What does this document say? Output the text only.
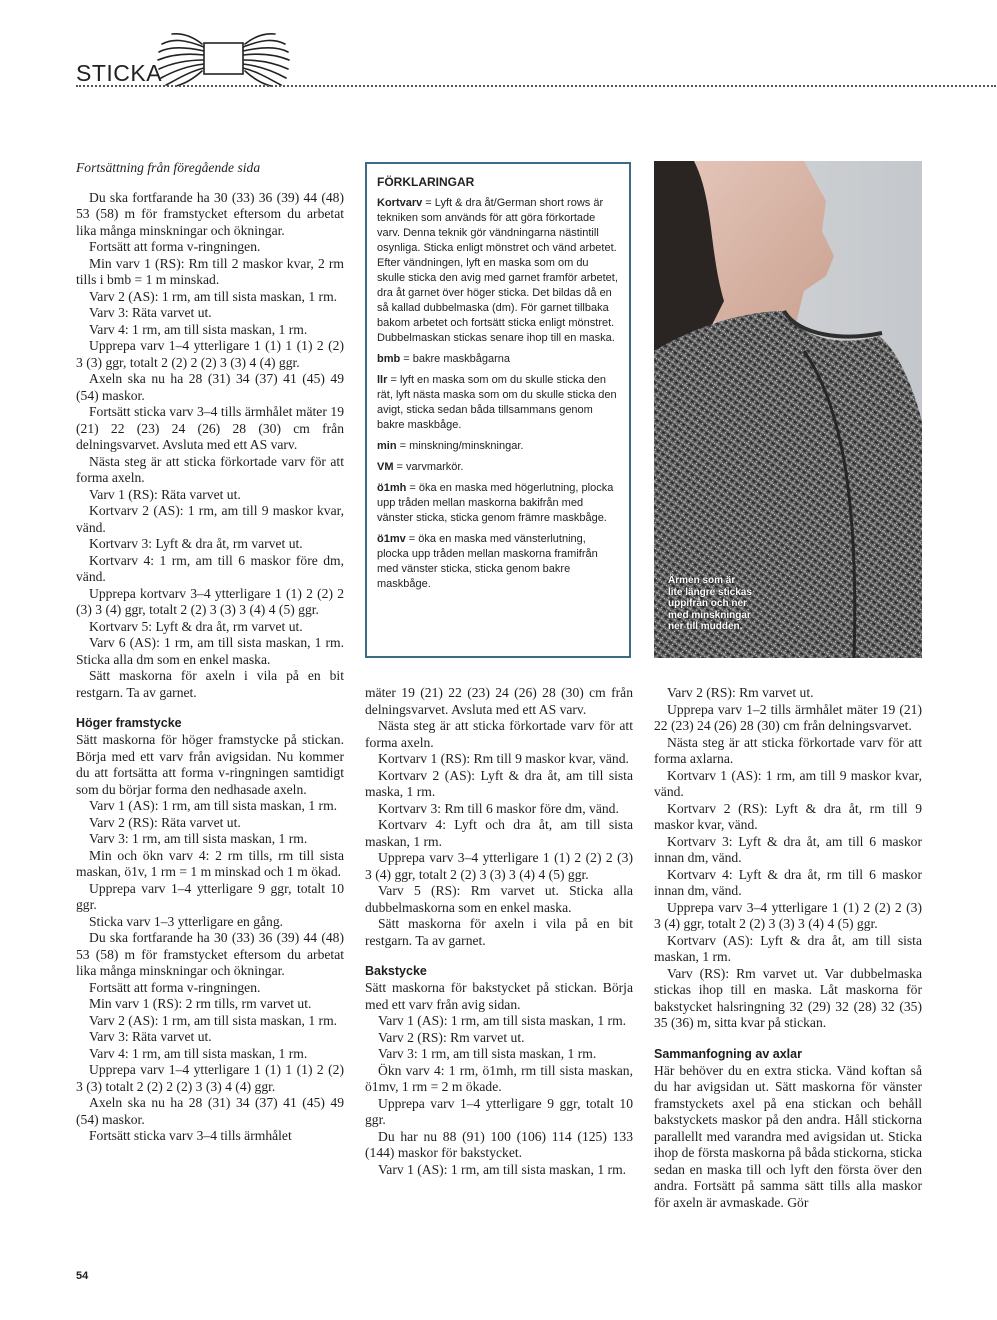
STICKA

Fortsättning från föregående sida

Du ska fortfarande ha 30 (33) 36 (39) 44 (48) 53 (58) m för framstycket eftersom du arbetat lika många minskningar och ökningar.

Fortsätt att forma v-ringningen.

Min varv 1 (RS): Rm till 2 maskor kvar, 2 rm tills i bmb = 1 m minskad.

Varv 2 (AS): 1 rm, am till sista maskan, 1 rm.

Varv 3: Räta varvet ut.

Varv 4: 1 rm, am till sista maskan, 1 rm.

Upprepa varv 1–4 ytterligare 1 (1) 1 (1) 2 (2) 3 (3) ggr, totalt 2 (2) 2 (2) 3 (3) 4 (4) ggr.

Axeln ska nu ha 28 (31) 34 (37) 41 (45) 49 (54) maskor.

Fortsätt sticka varv 3–4 tills ärmhålet mäter 19 (21) 22 (23) 24 (26) 28 (30) cm från delningsvarvet. Avsluta med ett AS varv.

Nästa steg är att sticka förkortade varv för att forma axeln.

Varv 1 (RS): Räta varvet ut.

Kortvarv 2 (AS): 1 rm, am till 9 maskor kvar, vänd.

Kortvarv 3: Lyft & dra åt, rm varvet ut.

Kortvarv 4: 1 rm, am till 6 maskor före dm, vänd.

Upprepa kortvarv 3–4 ytterligare 1 (1) 2 (2) 2 (3) 3 (4) ggr, totalt 2 (2) 3 (3) 3 (4) 4 (5) ggr.

Kortvarv 5: Lyft & dra åt, rm varvet ut.

Varv 6 (AS): 1 rm, am till sista maskan, 1 rm. Sticka alla dm som en enkel maska.

Sätt maskorna för axeln i vila på en bit restgarn. Ta av garnet.

Höger framstycke

Sätt maskorna för höger framstycke på stickan. Börja med ett varv från avigsidan. Nu kommer du att fortsätta att forma v-ringningen samtidigt som du börjar forma den nedhasade axeln.

Varv 1 (AS): 1 rm, am till sista maskan, 1 rm.

Varv 2 (RS): Räta varvet ut.

Varv 3: 1 rm, am till sista maskan, 1 rm.

Min och ökn varv 4: 2 rm tills, rm till sista maskan, ö1v, 1 rm = 1 m minskad och 1 m ökad.

Upprepa varv 1–4 ytterligare 9 ggr, totalt 10 ggr.

Sticka varv 1–3 ytterligare en gång.

Du ska fortfarande ha 30 (33) 36 (39) 44 (48) 53 (58) m för framstycket eftersom du arbetat lika många minskningar och ökningar.

Fortsätt att forma v-ringningen.

Min varv 1 (RS): 2 rm tills, rm varvet ut.

Varv 2 (AS): 1 rm, am till sista maskan, 1 rm.

Varv 3: Räta varvet ut.

Varv 4: 1 rm, am till sista maskan, 1 rm.

Upprepa varv 1–4 ytterligare 1 (1) 1 (1) 2 (2) 3 (3) totalt 2 (2) 2 (2) 3 (3) 4 (4) ggr.

Axeln ska nu ha 28 (31) 34 (37) 41 (45) 49 (54) maskor.

Fortsätt sticka varv 3–4 tills ärmhålet

FÖRKLARINGAR

Kortvarv = Lyft & dra åt/German short rows är tekniken som används för att göra förkortade varv. Denna teknik gör vändningarna nästintill osynliga. Sticka enligt mönstret och vänd arbetet. Efter vändningen, lyft en maska som om du skulle sticka den avig med garnet framför arbetet, dra åt garnet över höger sticka. Det bildas då en så kallad dubbelmaska (dm). För garnet tillbaka bakom arbetet och fortsätt sticka enligt mönstret. Dubbelmaskan stickas senare ihop till en maska.

bmb = bakre maskbågarna

llr = lyft en maska som om du skulle sticka den rät, lyft nästa maska som om du skulle sticka den avigt, sticka sedan båda tillsammans genom bakre maskbåge.

min = minskning/minskningar.

VM = varvmarkör.

ö1mh = öka en maska med högerlutning, plocka upp tråden mellan maskorna bakifrån med vänster sticka, sticka genom främre maskbåge.

ö1mv = öka en maska med vänsterlutning, plocka upp tråden mellan maskorna framifrån med vänster sticka, sticka genom bakre maskbåge.	Ärmen som är
lite längre stickas
uppifrån och ner
med minskningar
ner till mudden.

mäter 19 (21) 22 (23) 24 (26) 28 (30) cm från delningsvarvet. Avsluta med ett AS varv.

Nästa steg är att sticka förkortade varv för att forma axeln.

Kortvarv 1 (RS): Rm till 9 maskor kvar, vänd.

Kortvarv 2 (AS): Lyft & dra åt, am till sista maska, 1 rm.

Kortvarv 3: Rm till 6 maskor före dm, vänd.

Kortvarv 4: Lyft och dra åt, am till sista maskan, 1 rm.

Upprepa varv 3–4 ytterligare 1 (1) 2 (2) 2 (3) 3 (4) ggr, totalt 2 (2) 3 (3) 3 (4) 4 (5) ggr.

Varv 5 (RS): Rm varvet ut. Sticka alla dubbelmaskorna som en enkel maska.

Sätt maskorna för axeln i vila på en bit restgarn. Ta av garnet.

Bakstycke

Sätt maskorna för bakstycket på stickan. Börja med ett varv från avig sidan.

Varv 1 (AS): 1 rm, am till sista maskan, 1 rm.

Varv 2 (RS): Rm varvet ut.

Varv 3: 1 rm, am till sista maskan, 1 rm.

Ökn varv 4: 1 rm, ö1mh, rm till sista maskan, ö1mv, 1 rm = 2 m ökade.

Upprepa varv 1–4 ytterligare 9 ggr, totalt 10 ggr.

Du har nu 88 (91) 100 (106) 114 (125) 133 (144) maskor för bakstycket.

Varv 1 (AS): 1 rm, am till sista maskan, 1 rm.

Varv 2 (RS): Rm varvet ut.

Upprepa varv 1–2 tills ärmhålet mäter 19 (21) 22 (23) 24 (26) 28 (30) cm från delningsvarvet.

Nästa steg är att sticka förkortade varv för att forma axlarna.

Kortvarv 1 (AS): 1 rm, am till 9 maskor kvar, vänd.

Kortvarv 2 (RS): Lyft & dra åt, rm till 9 maskor kvar, vänd.

Kortvarv 3: Lyft & dra åt, am till 6 maskor innan dm, vänd.

Kortvarv 4: Lyft & dra åt, rm till 6 maskor innan dm, vänd.

Upprepa varv 3–4 ytterligare 1 (1) 2 (2) 2 (3) 3 (4) ggr, totalt 2 (2) 3 (3) 3 (4) 4 (5) ggr.

Kortvarv (AS): Lyft & dra åt, am till sista maskan, 1 rm.

Varv (RS): Rm varvet ut. Var dubbelmaska stickas ihop till en maska. Låt maskorna för bakstycket halsringning 32 (29) 32 (28) 32 (35) 35 (36) m, sitta kvar på stickan.

Sammanfogning av axlar

Här behöver du en extra sticka. Vänd koftan så du har avigsidan ut. Sätt maskorna för vänster framstyckets axel på ena stickan och behåll bakstyckets maskor på den andra. Håll stickorna parallellt med varandra med avigsidan ut. Sticka ihop de första maskorna på båda stickorna, sticka sedan en maska till och lyft den första över den andra. Fortsätt på samma sätt tills alla maskor för axeln är avmaskade. Gör

54
